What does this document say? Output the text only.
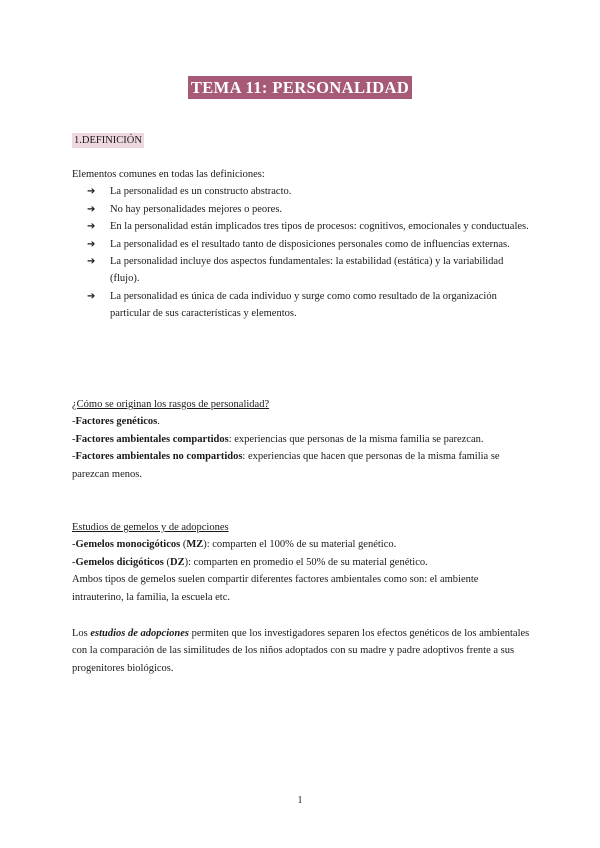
TEMA 11: PERSONALIDAD
1.DEFINICIÓN
Elementos comunes en todas las definiciones:
➔ La personalidad es un constructo abstracto.
➔ No hay personalidades mejores o peores.
➔ En la personalidad están implicados tres tipos de procesos: cognitivos, emocionales y conductuales.
➔ La personalidad es el resultado tanto de disposiciones personales como de influencias externas.
➔ La personalidad incluye dos aspectos fundamentales: la estabilidad (estática) y la variabilidad (flujo).
➔ La personalidad es única de cada individuo y surge como como resultado de la organización particular de sus características y elementos.
¿Cómo se originan los rasgos de personalidad?
-Factores genéticos.
-Factores ambientales compartidos: experiencias que personas de la misma familia se parezcan.
-Factores ambientales no compartidos: experiencias que hacen que personas de la misma familia se parezcan menos.
Estudios de gemelos y de adopciones
-Gemelos monocigóticos (MZ): comparten el 100% de su material genético.
-Gemelos dicigóticos (DZ): comparten en promedio el 50% de su material genético.
Ambos tipos de gemelos suelen compartir diferentes factores ambientales como son: el ambiente intrauterino, la familia, la escuela etc.
Los estudios de adopciones permiten que los investigadores separen los efectos genéticos de los ambientales con la comparación de las similitudes de los niños adoptados con su madre y padre adoptivos frente a sus progenitores biológicos.
1
